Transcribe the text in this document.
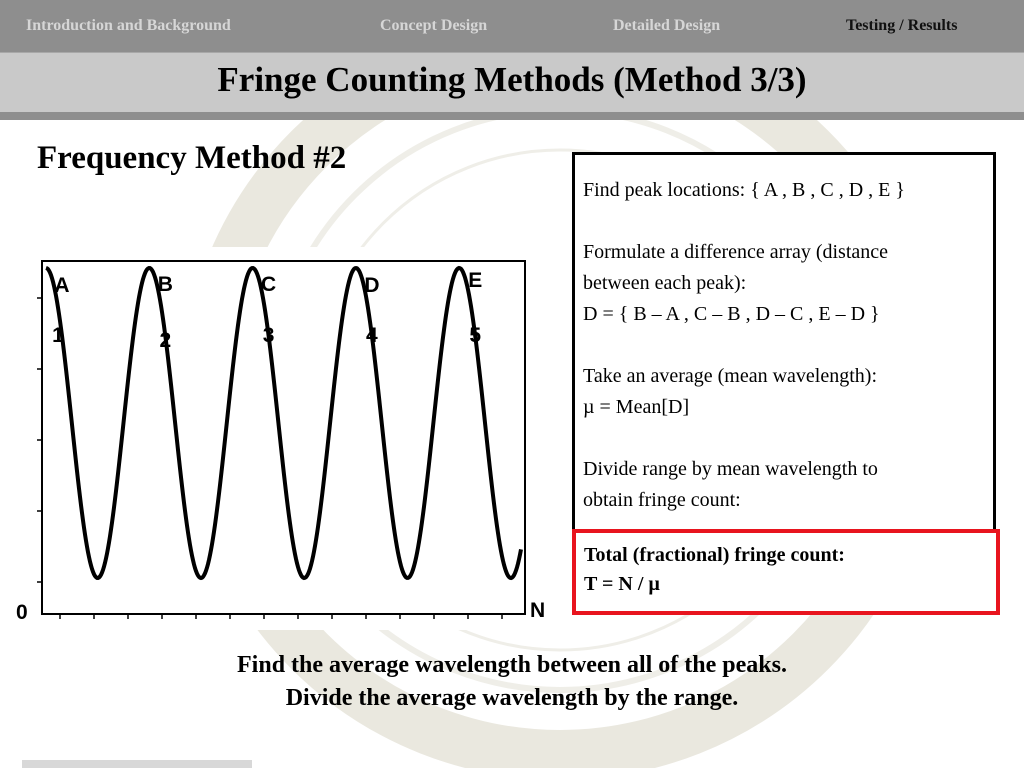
Introduction and Background	Concept Design	Detailed Design	Testing / Results
Fringe Counting Methods (Method 3/3)
Frequency Method #2
A
1
B
2
C
3
D
4
E
5
0	N

Find peak locations: { A , B , C , D , E }

Formulate a difference array (distance

between each peak):

D = { B – A , C – B , D – C , E – D }

Take an average (mean wavelength):

µ = Mean[D]

Divide range by mean wavelength to

obtain fringe count:

Total (fractional) fringe count:

T = N / µ

Find the average wavelength between all of the peaks.

Divide the average wavelength by the range.
